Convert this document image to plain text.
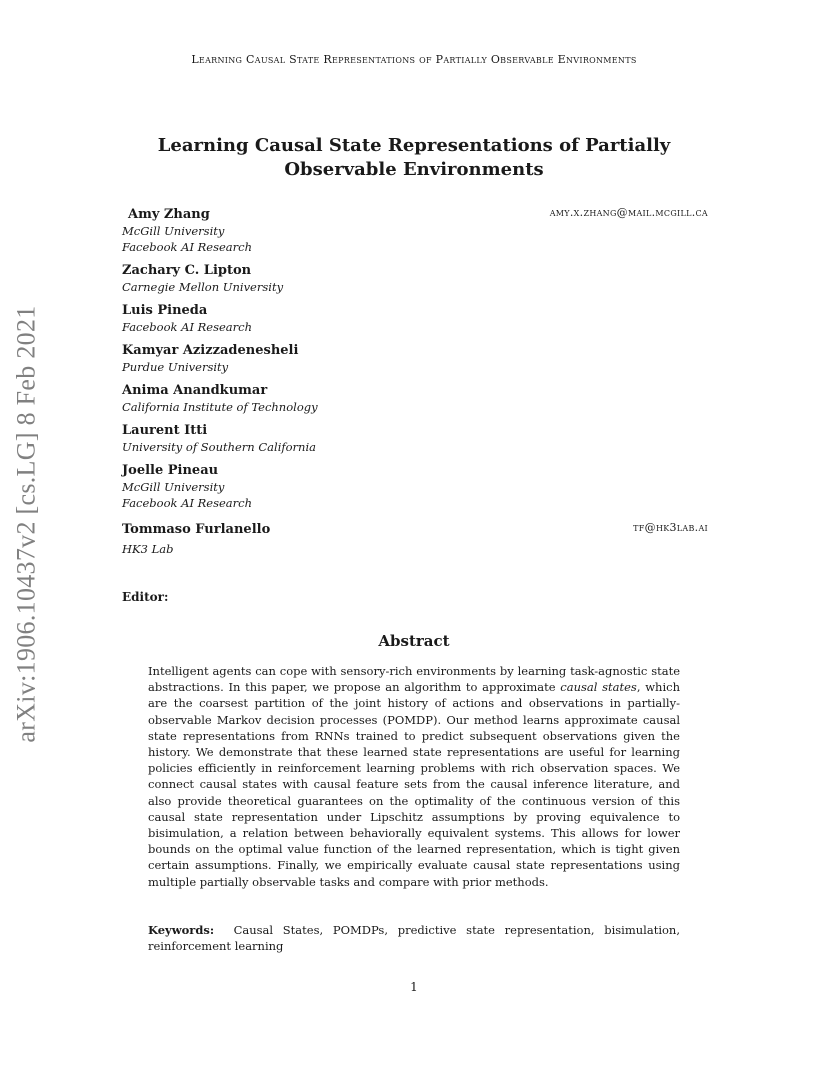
Learning Causal State Representations of Partially Observable Environments
arXiv:1906.10437v2 [cs.LG] 8 Feb 2021
Learning Causal State Representations of Partially
Observable Environments
Amy Zhang
McGill University
Facebook AI Research
amy.x.zhang@mail.mcgill.ca
Zachary C. Lipton
Carnegie Mellon University
Luis Pineda
Facebook AI Research
Kamyar Azizzadenesheli
Purdue University
Anima Anandkumar
California Institute of Technology
Laurent Itti
University of Southern California
Joelle Pineau
McGill University
Facebook AI Research
Tommaso Furlanello
HK3 Lab
tf@hk3lab.ai
Editor:
Abstract
Intelligent agents can cope with sensory-rich environments by learning task-agnostic state abstractions. In this paper, we propose an algorithm to approximate causal states, which are the coarsest partition of the joint history of actions and observations in partially-observable Markov decision processes (POMDP). Our method learns approximate causal state representations from RNNs trained to predict subsequent observations given the history. We demonstrate that these learned state representations are useful for learning policies efficiently in reinforcement learning problems with rich observation spaces. We connect causal states with causal feature sets from the causal inference literature, and also provide theoretical guarantees on the optimality of the continuous version of this causal state representation under Lipschitz assumptions by proving equivalence to bisimulation, a relation between behaviorally equivalent systems. This allows for lower bounds on the optimal value function of the learned representation, which is tight given certain assumptions. Finally, we empirically evaluate causal state representations using multiple partially observable tasks and compare with prior methods.
Keywords: Causal States, POMDPs, predictive state representation, bisimulation, reinforcement learning
1
